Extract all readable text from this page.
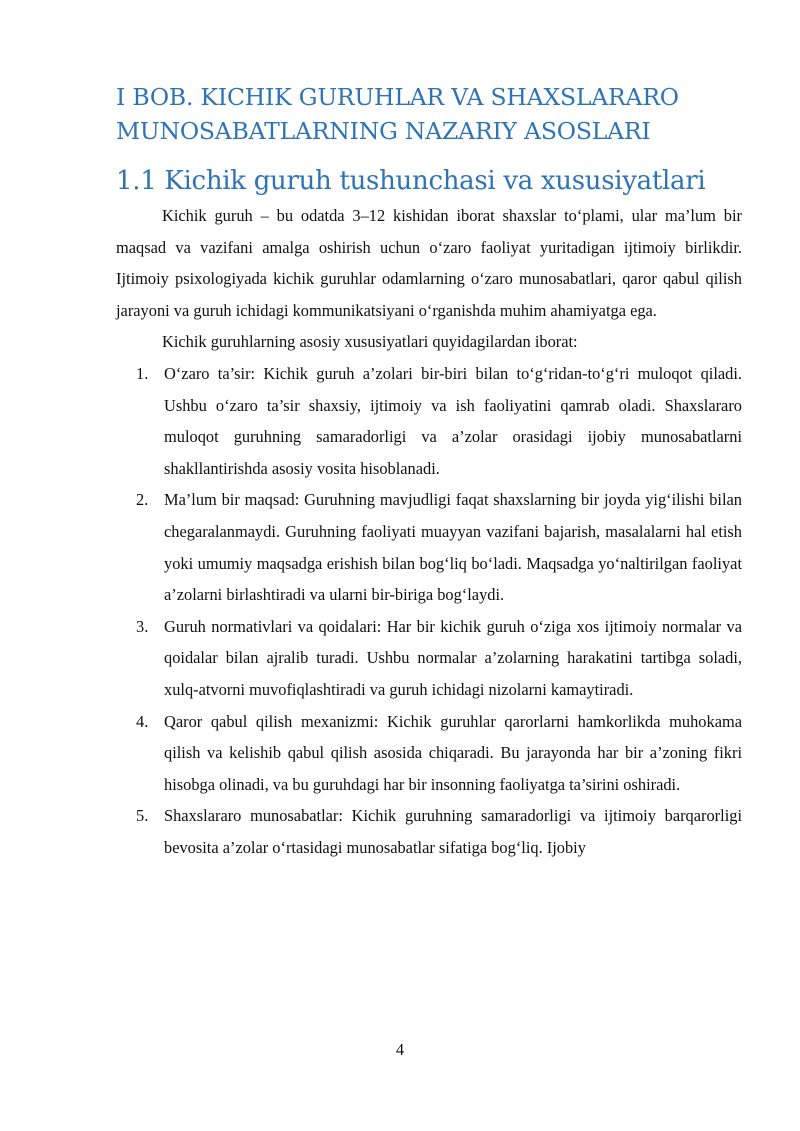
I BOB. KICHIK GURUHLAR VA SHAXSLARARO MUNOSABATLARNING NAZARIY ASOSLARI
1.1 Kichik guruh tushunchasi va xususiyatlari

Kichik guruh – bu odatda 3–12 kishidan iborat shaxslar to‘plami, ular ma’lum bir maqsad va vazifani amalga oshirish uchun o‘zaro faoliyat yuritadigan ijtimoiy birlikdir. Ijtimoiy psixologiyada kichik guruhlar odamlarning o‘zaro munosabatlari, qaror qabul qilish jarayoni va guruh ichidagi kommunikatsiyani o‘rganishda muhim ahamiyatga ega.

Kichik guruhlarning asosiy xususiyatlari quyidagilardan iborat:

1. O‘zaro ta’sir: Kichik guruh a’zolari bir-biri bilan to‘g‘ridan-to‘g‘ri muloqot qiladi. Ushbu o‘zaro ta’sir shaxsiy, ijtimoiy va ish faoliyatini qamrab oladi. Shaxslararo muloqot guruhning samaradorligi va a’zolar orasidagi ijobiy munosabatlarni shakllantirishda asosiy vosita hisoblanadi.
2. Ma’lum bir maqsad: Guruhning mavjudligi faqat shaxslarning bir joyda yig‘ilishi bilan chegaralanmaydi. Guruhning faoliyati muayyan vazifani bajarish, masalalarni hal etish yoki umumiy maqsadga erishish bilan bog‘liq bo‘ladi. Maqsadga yo‘naltirilgan faoliyat a’zolarni birlashtiradi va ularni bir-biriga bog‘laydi.
3. Guruh normativlari va qoidalari: Har bir kichik guruh o‘ziga xos ijtimoiy normalar va qoidalar bilan ajralib turadi. Ushbu normalar a’zolarning harakatini tartibga soladi, xulq-atvorni muvofiqlashtiradi va guruh ichidagi nizolarni kamaytiradi.
4. Qaror qabul qilish mexanizmi: Kichik guruhlar qarorlarni hamkorlikda muhokama qilish va kelishib qabul qilish asosida chiqaradi. Bu jarayonda har bir a’zoning fikri hisobga olinadi, va bu guruhdagi har bir insonning faoliyatga ta’sirini oshiradi.
5. Shaxslararo munosabatlar: Kichik guruhning samaradorligi va ijtimoiy barqarorligi bevosita a’zolar o‘rtasidagi munosabatlar sifatiga bog‘liq. Ijobiy
4
